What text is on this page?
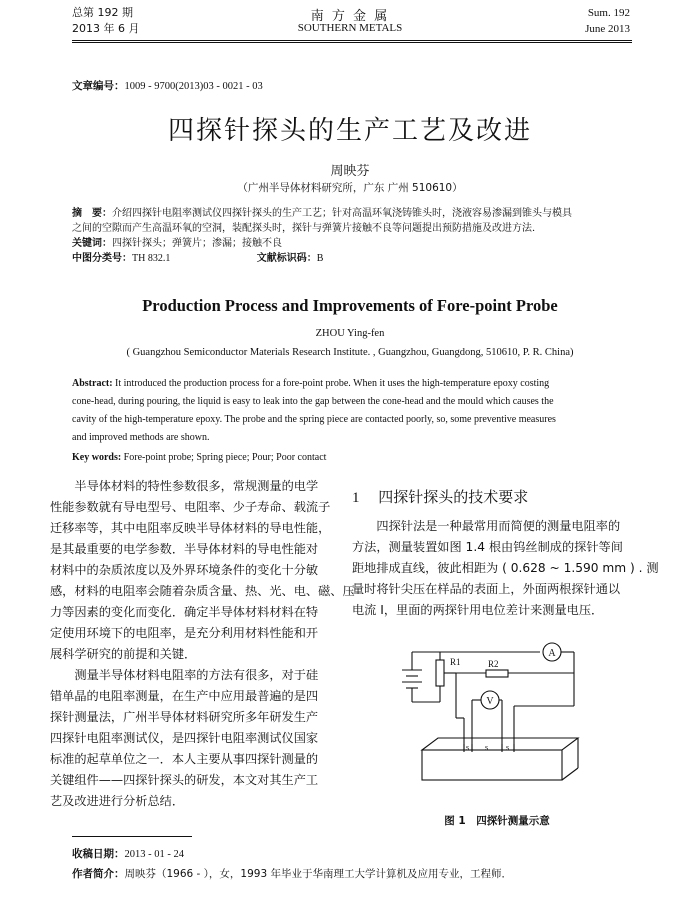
总第 192 期
2013 年 6 月
南 方 金 属
SOUTHERN METALS
Sum. 192
June 2013
文章编号：1009 - 9700(2013)03 - 0021 - 03
四探针探头的生产工艺及改进
周映芬
（广州半导体材料研究所，广东 广州 510610）
摘　要：介绍四探针电阻率测试仪四探针探头的生产工艺；针对高温环氧浇铸锥头时，浇液容易渗漏到锥头与模具
之间的空隙而产生高温环氧的空洞，装配探头时，探针与弹簧片接触不良等问题提出预防措施及改进方法．
关键词：四探针探头；弹簧片；渗漏；接触不良
中图分类号：TH 832.1	文献标识码：B
Production Process and Improvements of Fore-point Probe
ZHOU Ying-fen
( Guangzhou Semiconductor Materials Research Institute. , Guangzhou, Guangdong, 510610, P. R. China)
Abstract: It introduced the production process for a fore-point probe. When it uses the high-temperature epoxy costing
cone-head, during pouring, the liquid is easy to leak into the gap between the cone-head and the mould which causes the
cavity of the high-temperature epoxy. The probe and the spring piece are contacted poorly, so, some preventive measures
and improved methods are shown.
Key words: Fore-point probe; Spring piece; Pour; Poor contact
半导体材料的特性参数很多，常规测量的电学
性能参数就有导电型号、电阻率、少子寿命、载流子
迁移率等，其中电阻率反映半导体材料的导电性能，
是其最重要的电学参数．半导体材料的导电性能对
材料中的杂质浓度以及外界环境条件的变化十分敏
感，材料的电阻率会随着杂质含量、热、光、电、磁、压
力等因素的变化而变化．确定半导体材料材料在特
定使用环境下的电阻率，是充分利用材料性能和开
展科学研究的前提和关键．
测量半导体材料电阻率的方法有很多，对于硅
错单晶的电阻率测量，在生产中应用最普遍的是四
探针测量法，广州半导体材料研究所多年研发生产
四探针电阻率测试仪，是四探针电阻率测试仪国家
标准的起草单位之一．本人主要从事四探针测量的
关键组件——四探针探头的研发，本文对其生产工
艺及改进进行分析总结．
1 四探针探头的技术要求
四探针法是一种最常用而简便的测量电阻率的
方法，测量装置如图 1.4 根由钨丝制成的探针等间
距地排成直线，彼此相距为 ( 0.628 ~ 1.590 mm ) . 测
量时将针尖压在样品的表面上，外面两根探针通以
电流 I，里面的两探针用电位差计来测量电压．
A
R1	R2
V
s s s
图 1　四探针测量示意
收稿日期：2013 - 01 - 24
作者简介：周映芬（1966 - ），女，1993 年毕业于华南理工大学计算机及应用专业，工程师．
